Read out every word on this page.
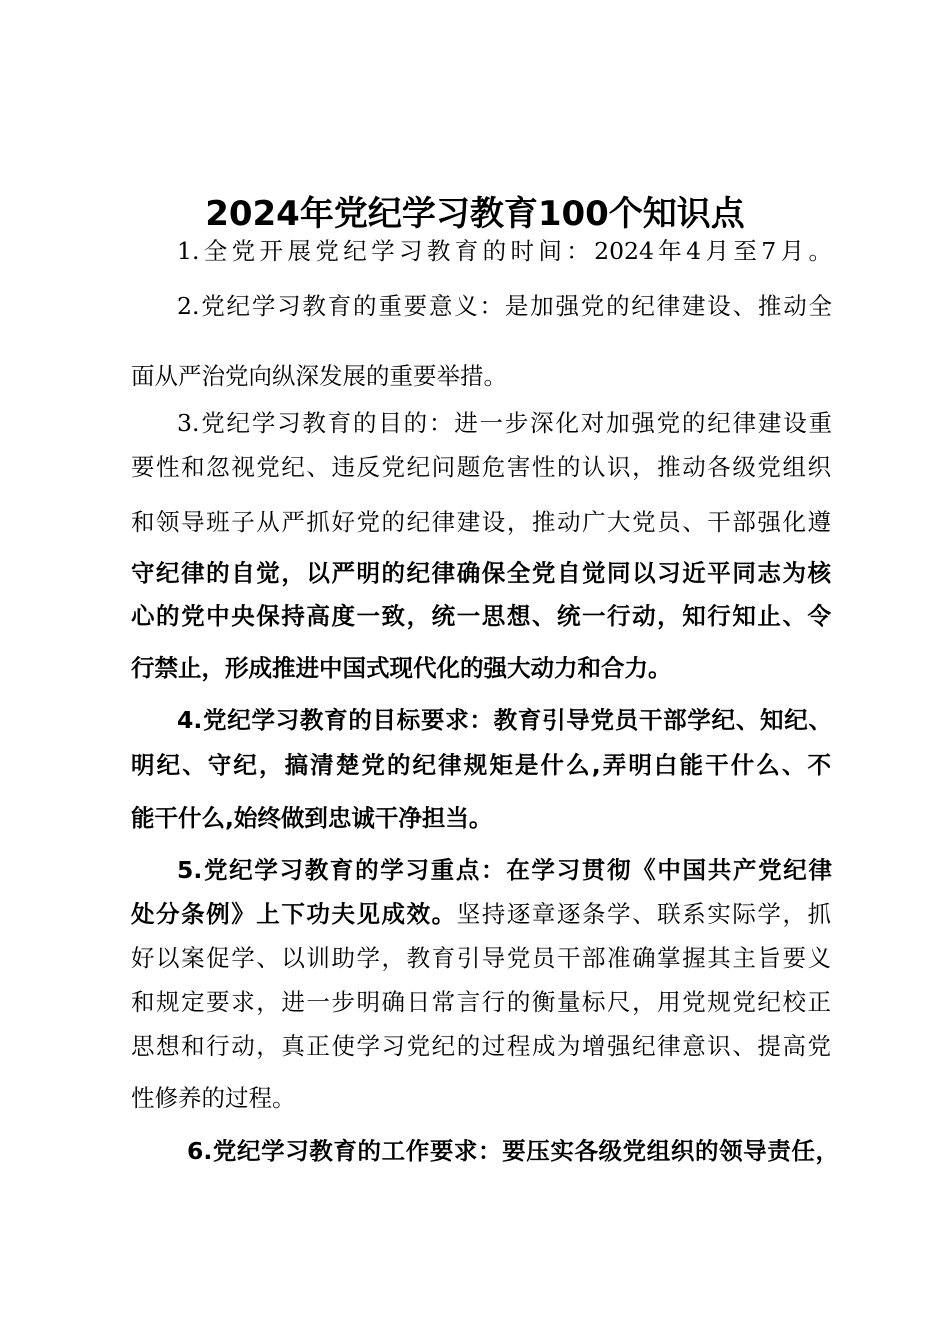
2024年党纪学习教育100个知识点

1.全党开展党纪学习教育的时间：2024年4月至7月。

2.党纪学习教育的重要意义：是加强党的纪律建设、推动全

面从严治党向纵深发展的重要举措。

3.党纪学习教育的目的：进一步深化对加强党的纪律建设重

要性和忽视党纪、违反党纪问题危害性的认识，推动各级党组织

和领导班子从严抓好党的纪律建设，推动广大党员、干部强化遵

守纪律的自觉，以严明的纪律确保全党自觉同以习近平同志为核

心的党中央保持高度一致，统一思想、统一行动，知行知止、令

行禁止，形成推进中国式现代化的强大动力和合力。

4.党纪学习教育的目标要求：教育引导党员干部学纪、知纪、

明纪、守纪，搞清楚党的纪律规矩是什么,弄明白能干什么、不

能干什么,始终做到忠诚干净担当。

5.党纪学习教育的学习重点：在学习贯彻《中国共产党纪律

处分条例》上下功夫见成效。坚持逐章逐条学、联系实际学，抓

好以案促学、以训助学，教育引导党员干部准确掌握其主旨要义

和规定要求，进一步明确日常言行的衡量标尺，用党规党纪校正

思想和行动，真正使学习党纪的过程成为增强纪律意识、提高党

性修养的过程。

6.党纪学习教育的工作要求：要压实各级党组织的领导责任，
